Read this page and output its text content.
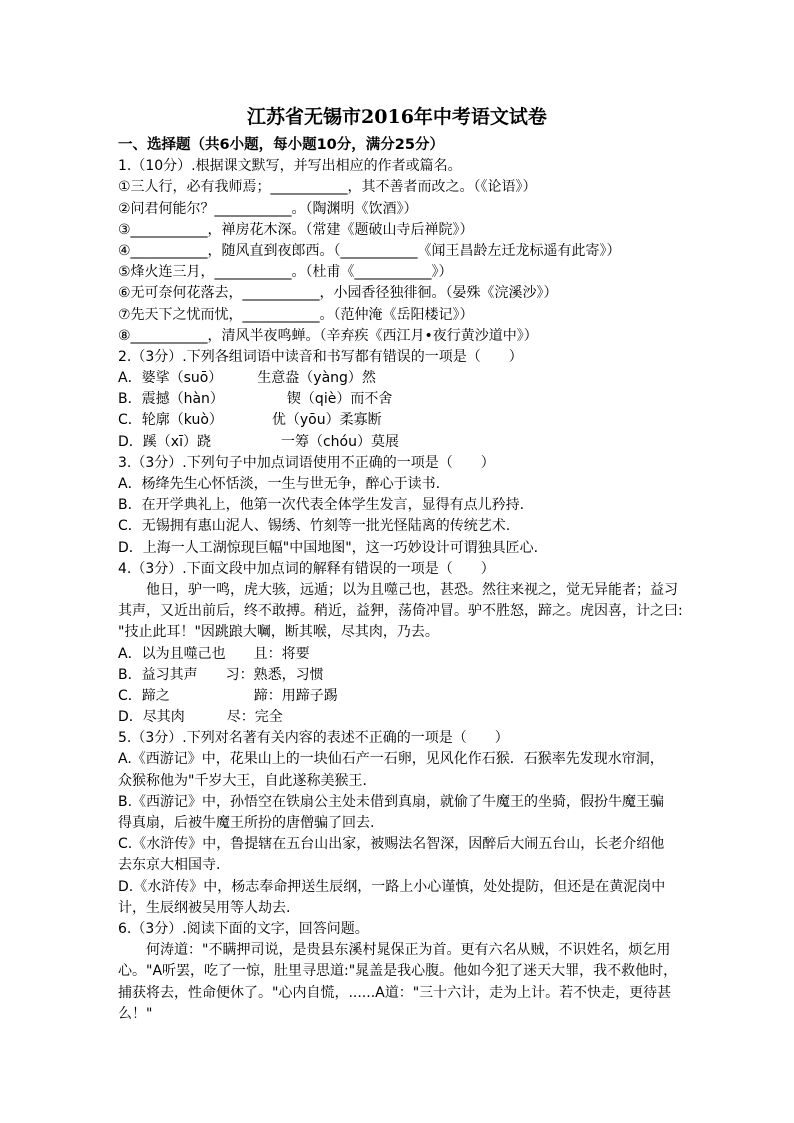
江苏省无锡市2016年中考语文试卷
一、选择题（共6小题，每小题10分，满分25分）
1.（10分）.根据课文默写，并写出相应的作者或篇名。
①三人行，必有我师焉；___________，其不善者而改之。（《论语》）
②问君何能尔？___________。（陶渊明《饮酒》）
③___________，禅房花木深。（常建《题破山寺后禅院》）
④___________，随风直到夜郎西。（___________《闻王昌龄左迁龙标遥有此寄》）
⑤烽火连三月，___________。（杜甫《___________》）
⑥无可奈何花落去，___________，小园香径独徘徊。（晏殊《浣溪沙》）
⑦先天下之忧而忧，___________。（范仲淹《岳阳楼记》）
⑧___________，清风半夜鸣蝉。（辛弃疾《西江月•夜行黄沙道中》）
2.（3分）.下列各组词语中读音和书写都有错误的一项是（　　）
A．婆挲（suō）　　　生意盎（yàng）然
B．震撼（hàn）　　　　　锲（qiè）而不舍
C．轮廓（kuò）　　　　优（yōu）柔寡断
D．蹊（xī）跷　　　　　一筹（chóu）莫展
3.（3分）.下列句子中加点词语使用不正确的一项是（　　）
A．杨绛先生心怀恬淡，一生与世无争，醉心于读书.
B．在开学典礼上，他第一次代表全体学生发言，显得有点儿矜持.
C．无锡拥有惠山泥人、锡绣、竹刻等一批光怪陆离的传统艺术.
D．上海一人工湖惊现巨幅"中国地图"，这一巧妙设计可谓独具匠心.
4.（3分）.下面文段中加点词的解释有错误的一项是（　　）
他日，驴一鸣，虎大骇，远遁；以为且噬己也，甚恐。然往来视之，觉无异能者；益习
其声，又近出前后，终不敢搏。稍近，益狎，荡倚冲冒。驴不胜怒，蹄之。虎因喜，计之曰:
"技止此耳！"因跳踉大㘎，断其喉，尽其肉，乃去。
A．以为且噬己也　　且：将要
B．益习其声　　习：熟悉，习惯
C．蹄之　　　　　　蹄：用蹄子踢
D．尽其肉　　　尽：完全
5.（3分）.下列对名著有关内容的表述不正确的一项是（　　）
A.《西游记》中，花果山上的一块仙石产一石卵，见风化作石猴．石猴率先发现水帘洞，
众猴称他为"千岁大王，自此遂称美猴王．
B.《西游记》中，孙悟空在铁扇公主处未借到真扇，就偷了牛魔王的坐骑，假扮牛魔王骗
得真扇，后被牛魔王所扮的唐僧骗了回去.
C.《水浒传》中，鲁提辖在五台山出家，被赐法名智深，因醉后大闹五台山，长老介绍他
去东京大相国寺.
D.《水浒传》中，杨志奉命押送生辰纲，一路上小心谨慎，处处提防，但还是在黄泥岗中
计，生辰纲被吴用等人劫去.
6.（3分）.阅读下面的文字，回答问题。
何涛道："不瞒押司说，是贵县东溪村晁保正为首。更有六名从贼，不识姓名，烦乞用
心。"A听罢，吃了一惊，肚里寻思道:"晁盖是我心腹。他如今犯了迷天大罪，我不救他时，
捕获将去，性命便休了。"心内自慌，......A道："三十六计，走为上计。若不快走，更待甚
么！"
